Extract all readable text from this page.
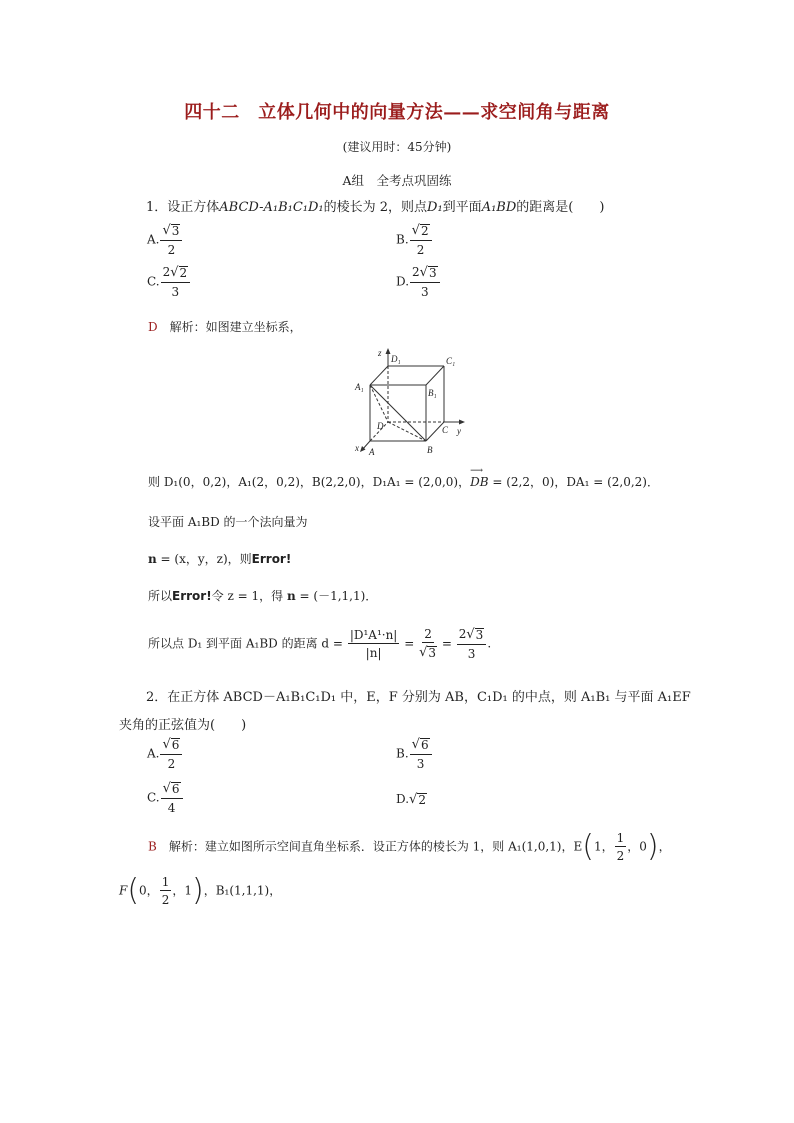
四十二　立体几何中的向量方法——求空间角与距离
(建议用时：45分钟)
A组　全考点巩固练
1．设正方体ABCD-A₁B₁C₁D₁的棱长为 2，则点D₁到平面A₁BD的距离是(　　)
A. $\frac{√ 3}{2}$	B. $\frac{√ 2}{2}$
C. $\frac{2 √ 2}{3}$	D. $\frac{2 √ 3}{3}$
D　 解析：如图建立坐标系，
z
D₁	C₁
A₁
B₁
D	C y
x A	B
则 D₁(0，0,2)，A₁(2，0,2)，B(2,2,0)，D₁A₁ = (2,0,0)，
⟶
DB = (2,2，0)，DA₁ = (2,0,2)．
设平面 A₁BD 的一个法向量为
n = (x，y，z)，则Error!
所以Error!令 z = 1，得 n = (－1,1,1)．
所以点 D₁ 到平面 A₁BD 的距离 $d = \frac{\text{|D¹A¹·n|}}{|n|} = \frac{2}{√ 3} = \frac{2 √ 3}{3}$ .
2．在正方体 ABCD－A₁B₁C₁D₁ 中，E，F 分别为 AB，C₁D₁ 的中点，则 A₁B₁ 与平面 A₁EF
夹角的正弦值为(　　)
A. $\frac{√ 6}{2}$	B. $\frac{√ 6}{3}$
C. $\frac{√ 6}{4}$	D. √ 2
B　 解析：建立如图所示空间直角坐标系．设正方体的棱长为 1，则 A₁(1,0,1)，E(1， $\frac{1}{2}$ ，0)，
F(0， $\frac{1}{2}$ ，1)，B₁(1,1,1)，
